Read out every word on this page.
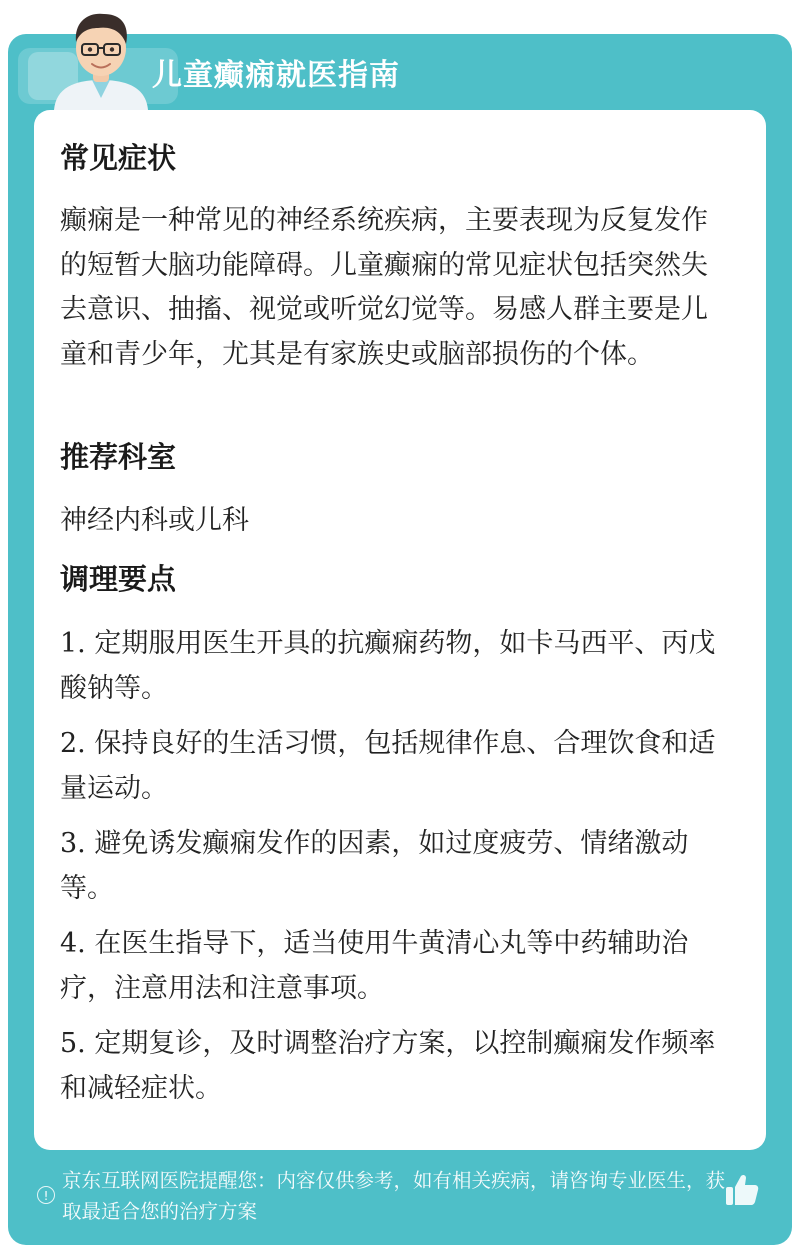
儿童癫痫就医指南
常见症状

癫痫是一种常见的神经系统疾病，主要表现为反复发作的短暂大脑功能障碍。儿童癫痫的常见症状包括突然失去意识、抽搐、视觉或听觉幻觉等。易感人群主要是儿童和青少年，尤其是有家族史或脑部损伤的个体。

推荐科室

神经内科或儿科

调理要点
1. 定期服用医生开具的抗癫痫药物，如卡马西平、丙戊酸钠等。
2. 保持良好的生活习惯，包括规律作息、合理饮食和适量运动。
3. 避免诱发癫痫发作的因素，如过度疲劳、情绪激动等。
4. 在医生指导下，适当使用牛黄清心丸等中药辅助治疗，注意用法和注意事项。
5. 定期复诊，及时调整治疗方案，以控制癫痫发作频率和减轻症状。
!
京东互联网医院提醒您：内容仅供参考，如有相关疾病，请咨询专业医生，获取最适合您的治疗方案
